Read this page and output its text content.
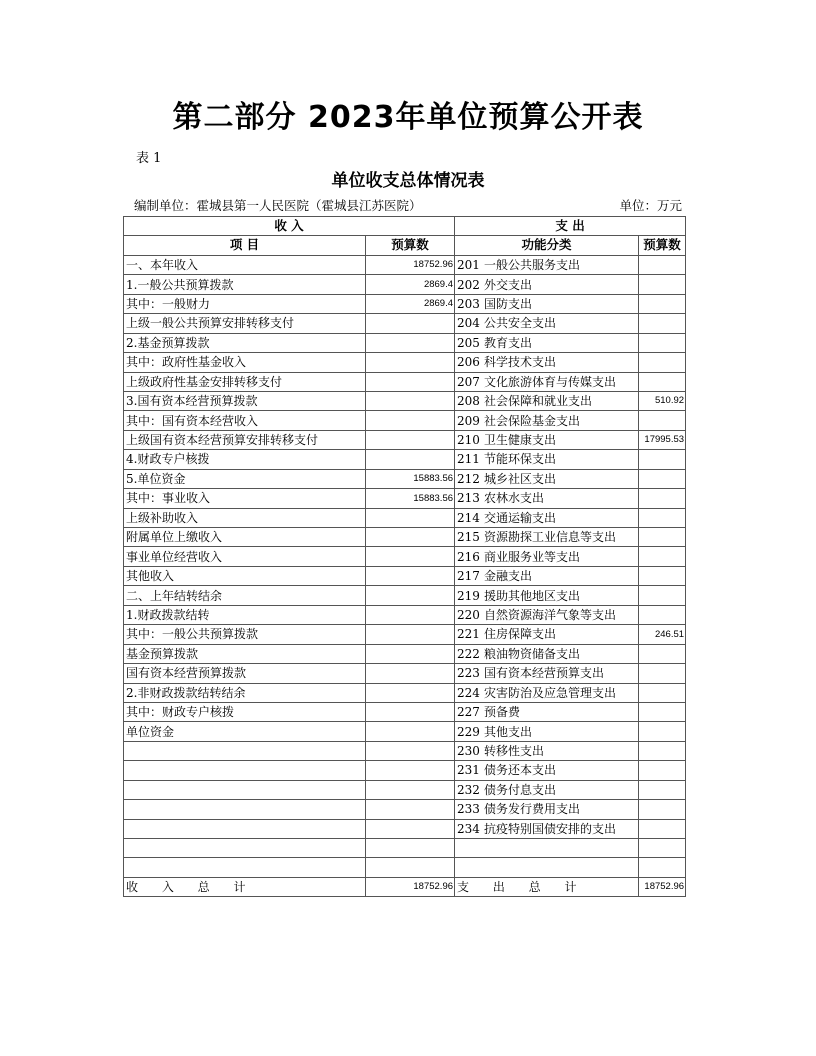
第二部分 2023年单位预算公开表
表 1
单位收支总体情况表
编制单位：霍城县第一人民医院（霍城县江苏医院）	单位：万元
收 入		支 出	
项 目	预算数	功能分类	预算数
一、本年收入	18752.96	201 一般公共服务支出	
1.一般公共预算拨款	2869.4	202 外交支出	
其中：一般财力	2869.4	203 国防支出	
上级一般公共预算安排转移支付		204 公共安全支出	
2.基金预算拨款		205 教育支出	
其中：政府性基金收入		206 科学技术支出	
上级政府性基金安排转移支付		207 文化旅游体育与传媒支出	
3.国有资本经营预算拨款		208 社会保障和就业支出	510.92
其中：国有资本经营收入		209 社会保险基金支出	
上级国有资本经营预算安排转移支付		210 卫生健康支出	17995.53
4.财政专户核拨		211 节能环保支出	
5.单位资金	15883.56	212 城乡社区支出	
其中：事业收入	15883.56	213 农林水支出	
上级补助收入		214 交通运输支出	
附属单位上缴收入		215 资源勘探工业信息等支出	
事业单位经营收入		216 商业服务业等支出	
其他收入		217 金融支出	
二、上年结转结余		219 援助其他地区支出	
1.财政拨款结转		220 自然资源海洋气象等支出	
其中：一般公共预算拨款		221 住房保障支出	246.51
基金预算拨款		222 粮油物资储备支出	
国有资本经营预算拨款		223 国有资本经营预算支出	
2.非财政拨款结转结余		224 灾害防治及应急管理支出	
其中：财政专户核拨		227 预备费	
单位资金		229 其他支出	
		230 转移性支出	
		231 债务还本支出	
		232 债务付息支出	
		233 债务发行费用支出	
		234 抗疫特别国债安排的支出	

收 入 总 计	18752.96	支 出 总 计	18752.96
